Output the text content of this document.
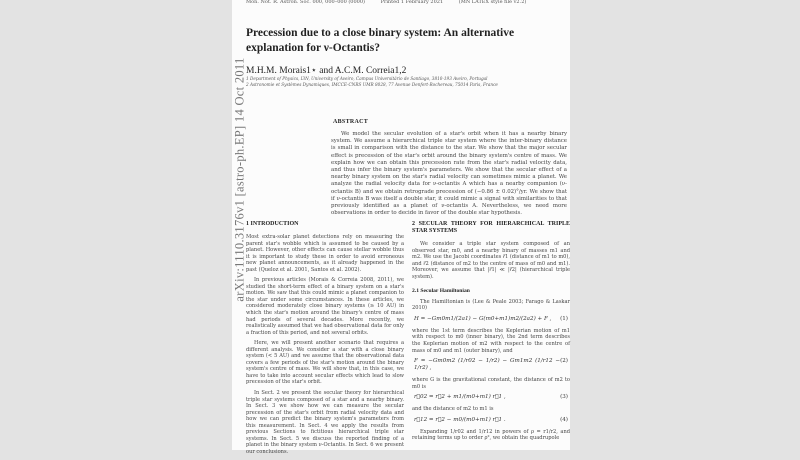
Mon. Not. R. Astron. Soc. 000, 000–000 (0000)	Printed 1 February 2021	(MN LATEX style file v2.2)
Precession due to a close binary system: An alternative explanation for ν-Octantis?
M.H.M. Morais1⋆ and A.C.M. Correia1,2
1 Department of Physics, I3N, University of Aveiro, Campus Universitário de Santiago, 3810-193 Aveiro, Portugal
2 Astronomie et Systèmes Dynamiques, IMCCE-CNRS UMR 8028, 77 Avenue Denfert-Rochereau, 75014 Paris, France
ABSTRACT

We model the secular evolution of a star's orbit when it has a nearby binary system. We assume a hierarchical triple star system where the inter-binary distance is small in comparison with the distance to the star. We show that the major secular effect is precession of the star's orbit around the binary system's centre of mass. We explain how we can obtain this precession rate from the star's radial velocity data, and thus infer the binary system's parameters. We show that the secular effect of a nearby binary system on the star's radial velocity can sometimes mimic a planet. We analyze the radial velocity data for ν-octantis A which has a nearby companion (ν-octantis B) and we obtain retrograde precession of (−0.86 ± 0.02)°/yr. We show that if ν-octantis B was itself a double star, it could mimic a signal with similarities to that previously identified as a planet of ν-octantis A. Nevertheless, we need more observations in order to decide in favor of the double star hypothesis.

1 INTRODUCTION

Most extra-solar planet detections rely on measuring the parent star's wobble which is assumed to be caused by a planet. However, other effects can cause stellar wobble thus it is important to study these in order to avoid erroneous new planet announcements, as it already happened in the past (Queloz et al. 2001, Santos et al. 2002).

In previous articles (Morais & Correia 2008, 2011), we studied the short-term effect of a binary system on a star's motion. We saw that this could mimic a planet companion to the star under some circumstances. In these articles, we considered moderately close binary systems (≥ 10 AU) in which the star's motion around the binary's centre of mass had periods of several decades. More recently, we realistically assumed that we had observational data for only a fraction of this period, and not several orbits.

Here, we will present another scenario that requires a different analysis. We consider a star with a close binary system (< 5 AU) and we assume that the observational data covers a few periods of the star's motion around the binary system's centre of mass. We will show that, in this case, we have to take into account secular effects which lead to slow precession of the star's orbit.

In Sect. 2 we present the secular theory for hierarchical triple star systems composed of a star and a nearby binary. In Sect. 3 we show how we can measure the secular precession of the star's orbit from radial velocity data and how we can predict the binary system's parameters from this measurement. In Sect. 4 we apply the results from previous Sections to fictitious hierarchical triple star systems. In Sect. 5 we discuss the reported finding of a planet in the binary system ν-Octantis. In Sect. 6 we present our conclusions.

2 SECULAR THEORY FOR HIERARCHICAL TRIPLE STAR SYSTEMS

We consider a triple star system composed of an observed star, m0, and a nearby binary of masses m1 and m2. We use the Jacobi coordinates r⃗1 (distance of m1 to m0), and r⃗2 (distance of m2 to the centre of mass of m0 and m1). Moreover, we assume that |r⃗1| ≪ |r⃗2| (hierarchical triple system).

2.1 Secular Hamiltonian

The Hamiltonian is (Lee & Peale 2003; Farago & Laskar 2010)

H = −Gm0m1/(2a1) − G(m0+m1)m2/(2a2) + F , (1)

where the 1st term describes the Keplerian motion of m1 with respect to m0 (inner binary), the 2nd term describes the Keplerian motion of m2 with respect to the centre of mass of m0 and m1 (outer binary), and

F = −Gm0m2 (1/r02 − 1/r2) − Gm1m2 (1/r12 − 1/r2) ,
(2)

where G is the gravitational constant, the distance of m2 to m0 is

r⃗02 = r⃗2 + m1/(m0+m1) r⃗1 ,	(3)

and the distance of m2 to m1 is

r⃗12 = r⃗2 − m0/(m0+m1) r⃗1 .	(4)

Expanding 1/r02 and 1/r12 in powers of ρ = r1/r2, and retaining terms up to order ρ², we obtain the quadrupole

arXiv:1110.3176v1 [astro-ph.EP] 14 Oct 2011
